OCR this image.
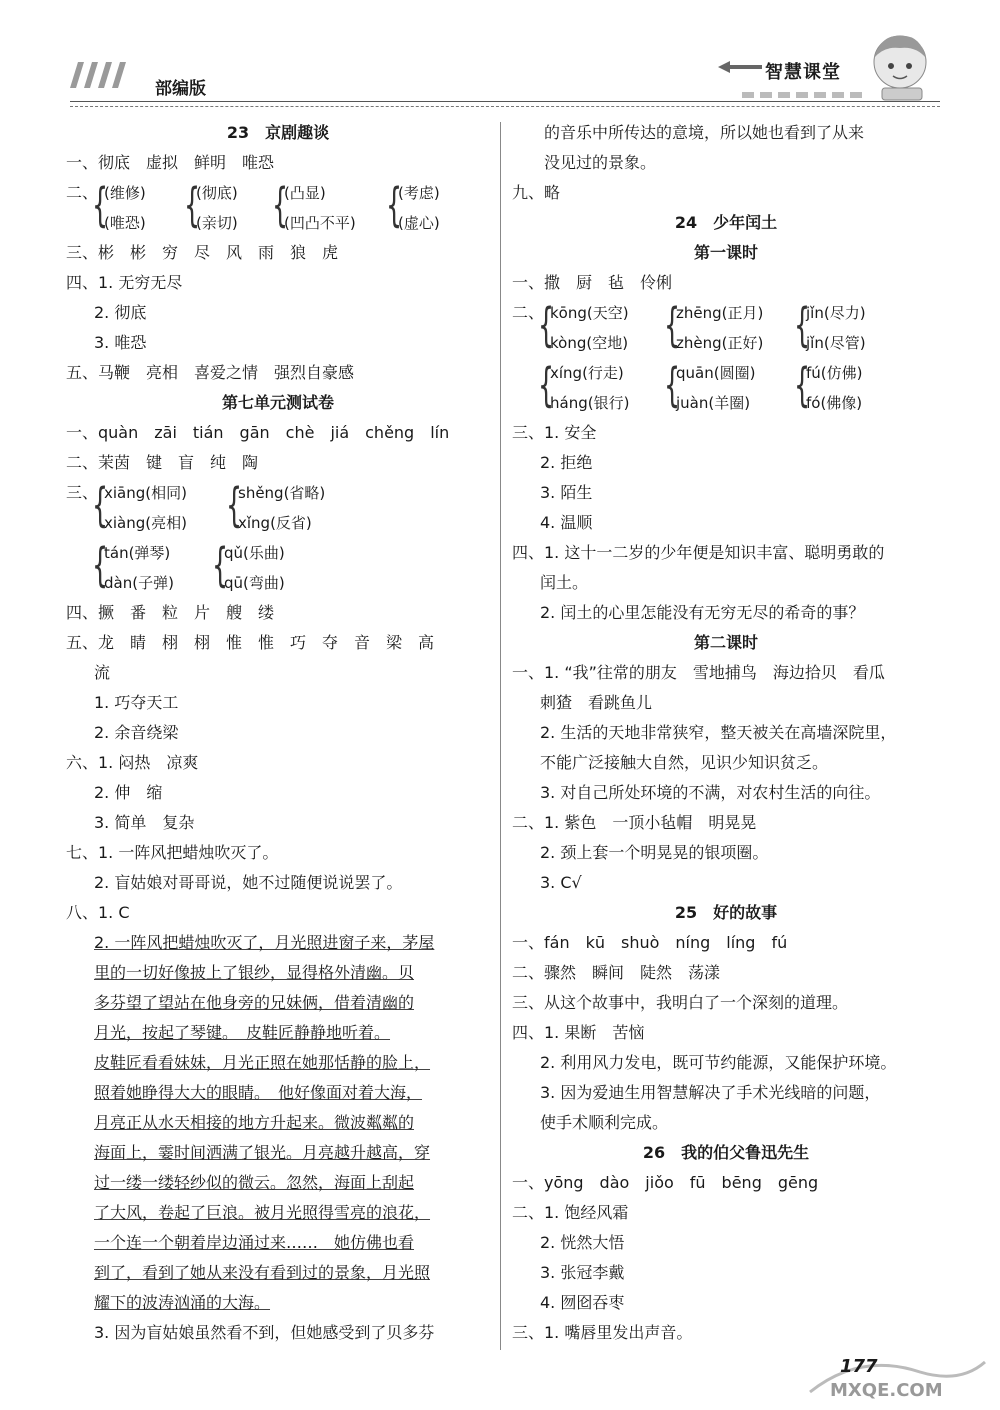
部编版
智慧课堂
23　京剧趣谈
一、彻底　虚拟　鲜明　唯恐
二、
三、彬　彬　穷　尽　风　雨　狼　虎
四、1. 无穷无尽
2. 彻底
3. 唯恐
五、马鞭　亮相　喜爱之情　强烈自豪感
第七单元测试卷
一、quàn　zāi　tián　gān　chè　jiá　chěng　lín
二、茉茵　键　盲　纯　陶
三、
四、撅　番　粒　片　艘　缕
五、龙　睛　栩　栩　惟　惟　巧　夺　音　梁　高
流
1. 巧夺天工
2. 余音绕梁
六、1. 闷热　凉爽
2. 伸　缩
3. 简单　复杂
七、1. 一阵风把蜡烛吹灭了。
2. 盲姑娘对哥哥说，她不过随便说说罢了。
八、1. C
2. 一阵风把蜡烛吹灭了，月光照进窗子来，茅屋
里的一切好像披上了银纱，显得格外清幽。贝
多芬望了望站在他身旁的兄妹俩，借着清幽的
月光，按起了琴键。　皮鞋匠静静地听着。
皮鞋匠看看妹妹，月光正照在她那恬静的脸上，
照着她睁得大大的眼睛。　他好像面对着大海，
月亮正从水天相接的地方升起来。微波粼粼的
海面上，霎时间洒满了银光。月亮越升越高，穿
过一缕一缕轻纱似的微云。忽然，海面上刮起
了大风，卷起了巨浪。被月光照得雪亮的浪花，
一个连一个朝着岸边涌过来……　她仿佛也看
到了，看到了她从来没有看到过的景象，月光照
耀下的波涛汹涌的大海。
3. 因为盲姑娘虽然看不到，但她感受到了贝多芬
{
(维修)
(唯恐) {
(彻底)
(亲切) {
(凸显)
(凹凸不平) {
(考虑)
(虚心)
{
xiāng(相同)
xiàng(亮相) {
shěng(省略)
xǐng(反省)
{
tán(弹琴)
dàn(子弹) {
qǔ(乐曲)
qū(弯曲)
的音乐中所传达的意境，所以她也看到了从来
没见过的景象。
九、略
24　少年闰土
第一课时
一、撒　厨　毡　伶俐
二、
三、1. 安全
2. 拒绝
3. 陌生
4. 温顺
四、1. 这十一二岁的少年便是知识丰富、聪明勇敢的
闰土。
2. 闰土的心里怎能没有无穷无尽的希奇的事？
第二课时
一、1. “我”往常的朋友　雪地捕鸟　海边拾贝　看瓜
刺猹　看跳鱼儿
2. 生活的天地非常狭窄，整天被关在高墙深院里，
不能广泛接触大自然，见识少知识贫乏。
3. 对自己所处环境的不满，对农村生活的向往。
二、1. 紫色　一顶小毡帽　明晃晃
2. 颈上套一个明晃晃的银项圈。
3. C√
25　好的故事
一、fán　kū　shuò　níng　líng　fú
二、骤然　瞬间　陡然　荡漾
三、从这个故事中，我明白了一个深刻的道理。
四、1. 果断　苦恼
2. 利用风力发电，既可节约能源，又能保护环境。
3. 因为爱迪生用智慧解决了手术光线暗的问题，
使手术顺利完成。
26　我的伯父鲁迅先生
一、yōng　dào　jiǒo　fū　bēng　gēng
二、1. 饱经风霜
2. 恍然大悟
3. 张冠李戴
4. 囫囵吞枣
三、1. 嘴唇里发出声音。
{
kōng(天空)
kòng(空地) {
zhēng(正月)
zhèng(正好) {
jǐn(尽力)
jǐn(尽管)
{
xíng(行走)
háng(银行) {
quān(圆圈)
juàn(羊圈) {
fú(仿佛)
fó(佛像)
177
MXQE.COM
